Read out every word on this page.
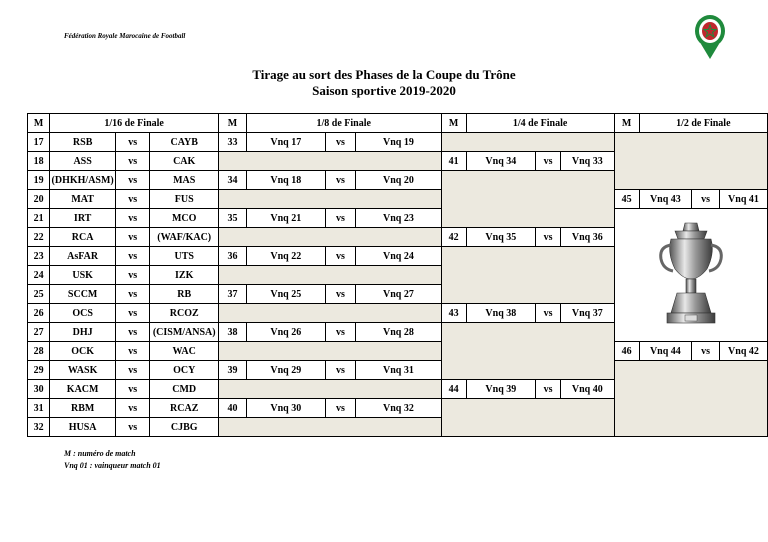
Fédération Royale Marocaine de Football
Tirage au sort des Phases de la Coupe du Trône
Saison sportive 2019-2020
M	1/16 de Finale			M	1/8 de Finale			M	1/4 de Finale			M	1/2 de Finale		
17	RSB	vs	CAYB	33	Vnq 17	vs	Vnq 19								
18	ASS	vs	CAK					41	Vnq 34	vs	Vnq 33				
19	(DHKH/ASM)	vs	MAS	34	Vnq 18	vs	Vnq 20								
20	MAT	vs	FUS									45	Vnq 43	vs	Vnq 41
21	IRT	vs	MCO	35	Vnq 21	vs	Vnq 23	

22	RCA	vs	(WAF/KAC)					42	Vnq 35	vs	Vnq 36				
23	AsFAR	vs	UTS	36	Vnq 22	vs	Vnq 24								
24	USK	vs	IZK												
25	SCCM	vs	RB	37	Vnq 25	vs	Vnq 27								
26	OCS	vs	RCOZ					43	Vnq 38	vs	Vnq 37				
27	DHJ	vs	(CISM/ANSA)	38	Vnq 26	vs	Vnq 28								
28	OCK	vs	WAC									46	Vnq 44	vs	Vnq 42
29	WASK	vs	OCY	39	Vnq 29	vs	Vnq 31								
30	KACM	vs	CMD					44	Vnq 39	vs	Vnq 40				
31	RBM	vs	RCAZ	40	Vnq 30	vs	Vnq 32								
32	HUSA	vs	CJBG												
M : numéro de match
Vnq 01 : vainqueur match 01
